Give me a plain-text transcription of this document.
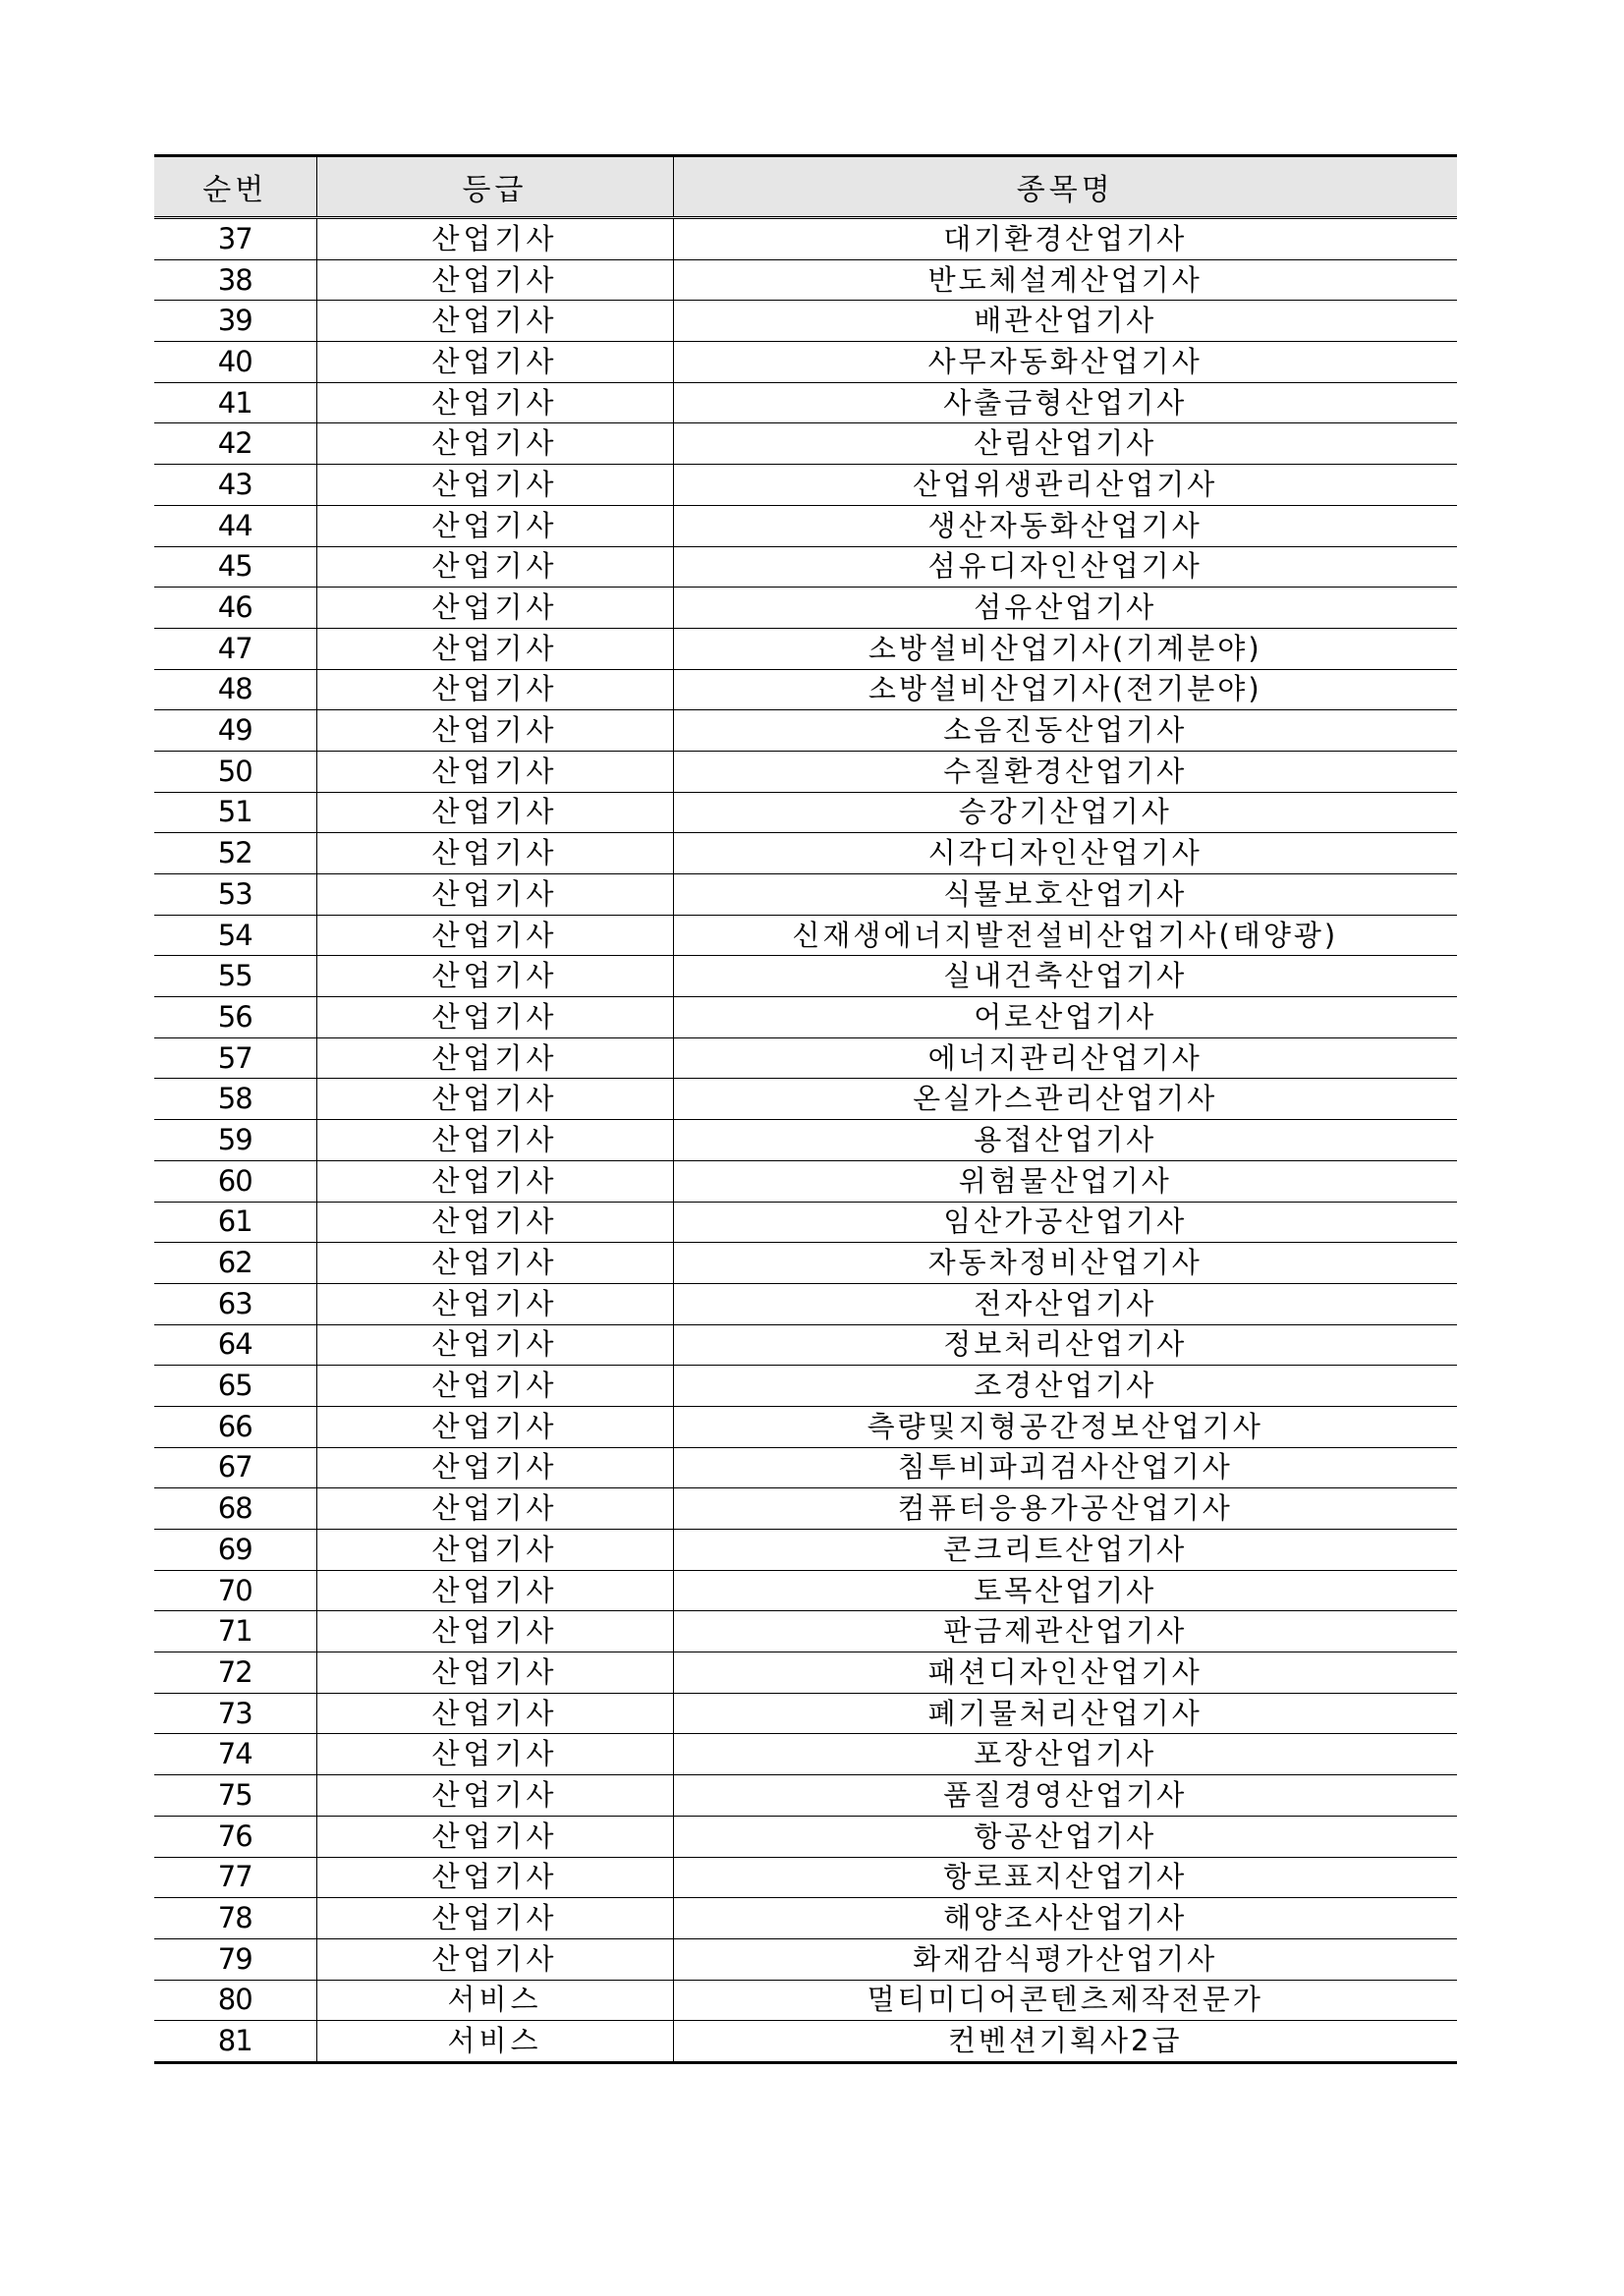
순번	등급	종목명
37	산업기사	대기환경산업기사
38	산업기사	반도체설계산업기사
39	산업기사	배관산업기사
40	산업기사	사무자동화산업기사
41	산업기사	사출금형산업기사
42	산업기사	산림산업기사
43	산업기사	산업위생관리산업기사
44	산업기사	생산자동화산업기사
45	산업기사	섬유디자인산업기사
46	산업기사	섬유산업기사
47	산업기사	소방설비산업기사(기계분야)
48	산업기사	소방설비산업기사(전기분야)
49	산업기사	소음진동산업기사
50	산업기사	수질환경산업기사
51	산업기사	승강기산업기사
52	산업기사	시각디자인산업기사
53	산업기사	식물보호산업기사
54	산업기사	신재생에너지발전설비산업기사(태양광)
55	산업기사	실내건축산업기사
56	산업기사	어로산업기사
57	산업기사	에너지관리산업기사
58	산업기사	온실가스관리산업기사
59	산업기사	용접산업기사
60	산업기사	위험물산업기사
61	산업기사	임산가공산업기사
62	산업기사	자동차정비산업기사
63	산업기사	전자산업기사
64	산업기사	정보처리산업기사
65	산업기사	조경산업기사
66	산업기사	측량및지형공간정보산업기사
67	산업기사	침투비파괴검사산업기사
68	산업기사	컴퓨터응용가공산업기사
69	산업기사	콘크리트산업기사
70	산업기사	토목산업기사
71	산업기사	판금제관산업기사
72	산업기사	패션디자인산업기사
73	산업기사	폐기물처리산업기사
74	산업기사	포장산업기사
75	산업기사	품질경영산업기사
76	산업기사	항공산업기사
77	산업기사	항로표지산업기사
78	산업기사	해양조사산업기사
79	산업기사	화재감식평가산업기사
80	서비스	멀티미디어콘텐츠제작전문가
81	서비스	컨벤션기획사2급
